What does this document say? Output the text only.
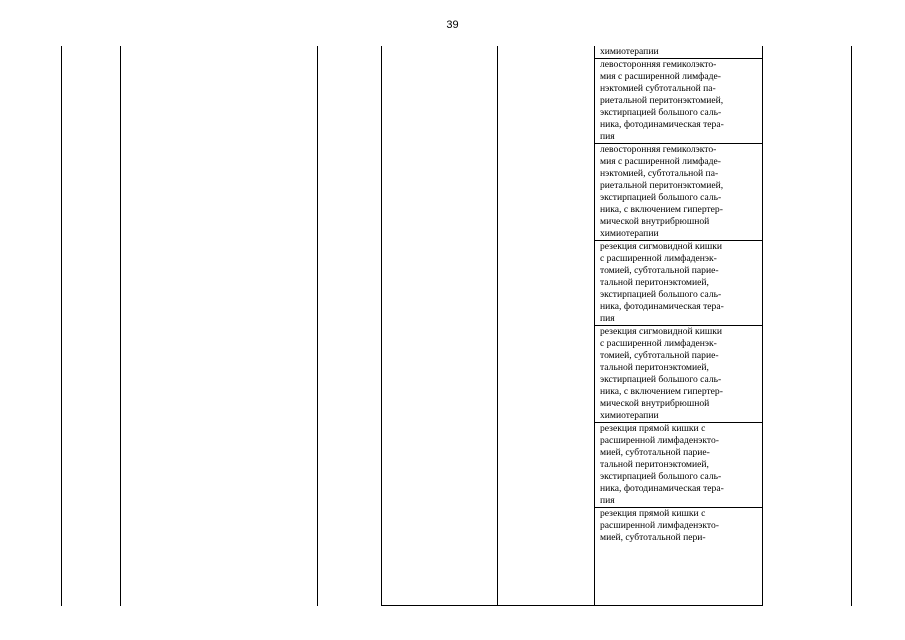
39
химиотерапии
левосторонняя гемиколэкто-
мия с расширенной лимфаде-
нэктомией субтотальной па-
риетальной перитонэктомией,
экстирпацией большого саль-
ника, фотодинамическая тера-
пия
левосторонняя гемиколэкто-
мия с расширенной лимфаде-
нэктомией, субтотальной па-
риетальной перитонэктомией,
экстирпацией большого саль-
ника, с включением гипертер-
мической внутрибрюшной
химиотерапии
резекция сигмовидной кишки
с расширенной лимфаденэк-
томией, субтотальной парие-
тальной перитонэктомией,
экстирпацией большого саль-
ника, фотодинамическая тера-
пия
резекция сигмовидной кишки
с расширенной лимфаденэк-
томией, субтотальной парие-
тальной перитонэктомией,
экстирпацией большого саль-
ника, с включением гипертер-
мической внутрибрюшной
химиотерапии
резекция прямой кишки с
расширенной лимфаденэкто-
мией, субтотальной парие-
тальной перитонэктомией,
экстирпацией большого саль-
ника, фотодинамическая тера-
пия
резекция прямой кишки с
расширенной лимфаденэкто-
мией, субтотальной пери-
